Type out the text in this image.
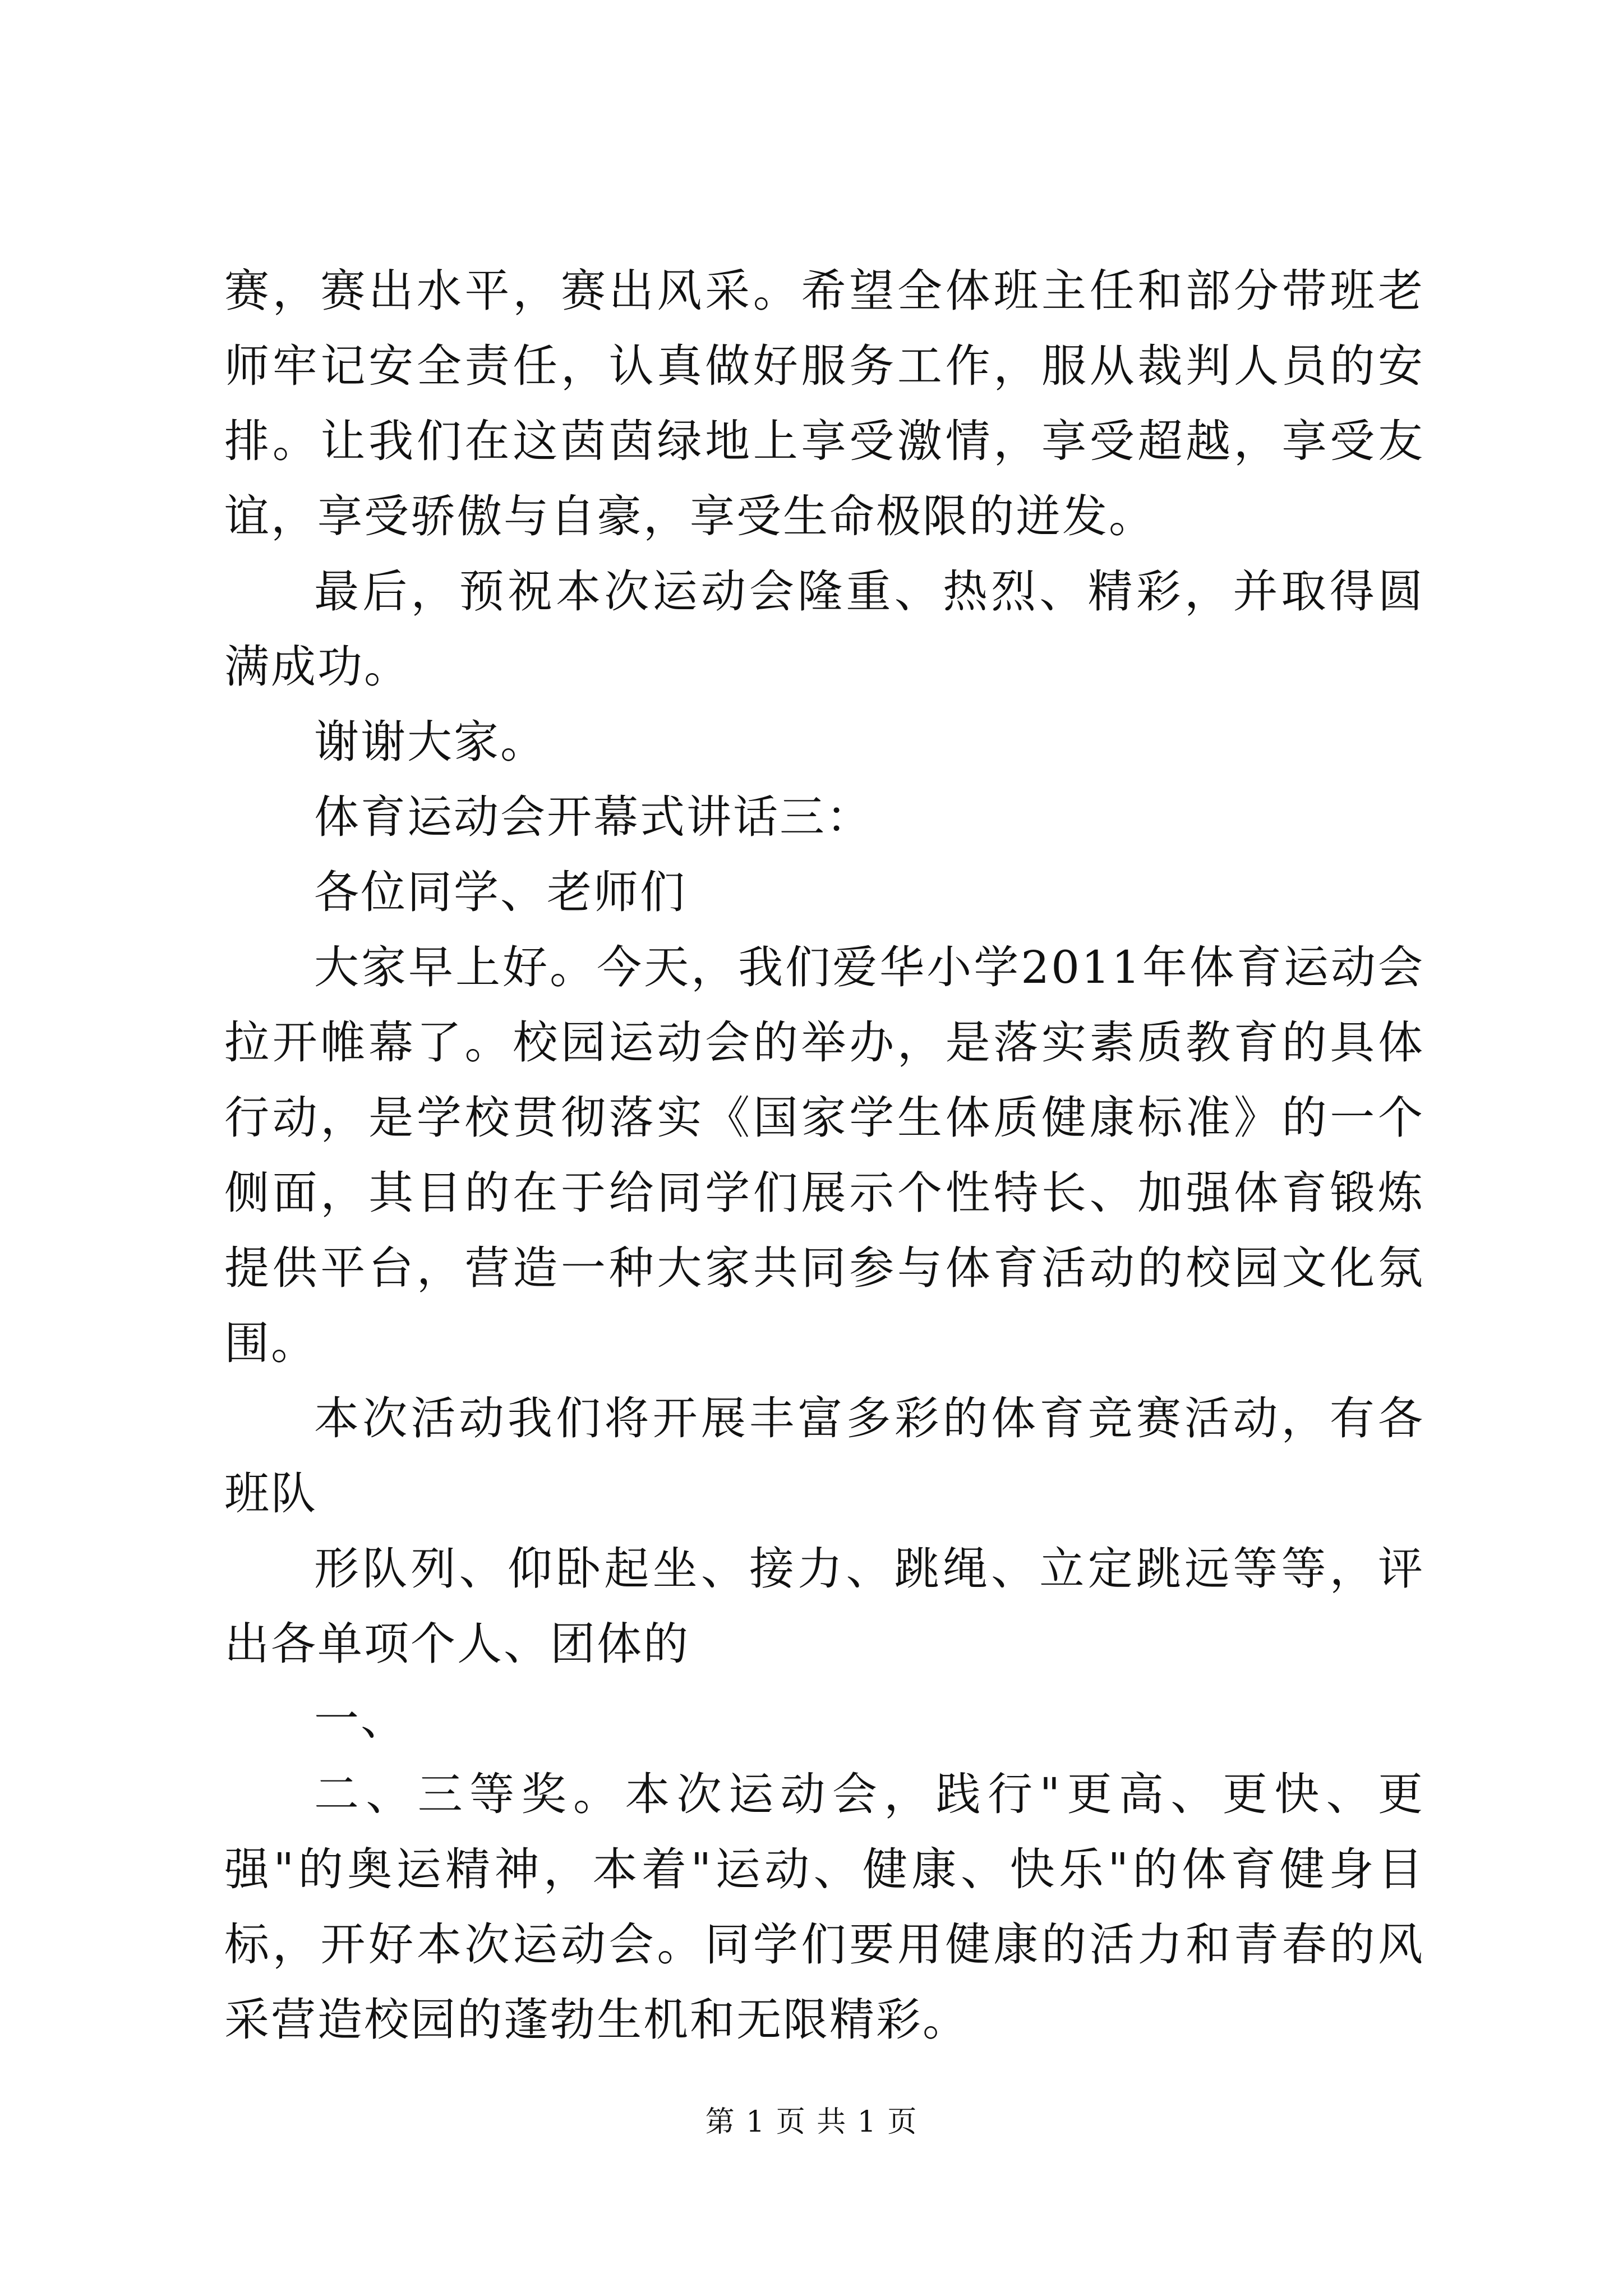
赛，赛出水平，赛出风采。希望全体班主任和部分带班老师牢记安全责任，认真做好服务工作，服从裁判人员的安排。让我们在这茵茵绿地上享受激情，享受超越，享受友谊，享受骄傲与自豪，享受生命极限的迸发。

最后，预祝本次运动会隆重、热烈、精彩，并取得圆满成功。

谢谢大家。

体育运动会开幕式讲话三：

各位同学、老师们

大家早上好。今天，我们爱华小学2011年体育运动会拉开帷幕了。校园运动会的举办，是落实素质教育的具体行动，是学校贯彻落实《国家学生体质健康标准》的一个侧面，其目的在于给同学们展示个性特长、加强体育锻炼提供平台，营造一种大家共同参与体育活动的校园文化氛围。

本次活动我们将开展丰富多彩的体育竞赛活动，有各班队

形队列、仰卧起坐、接力、跳绳、立定跳远等等，评出各单项个人、团体的

一、

二、三等奖。本次运动会，践行"更高、更快、更强"的奥运精神，本着"运动、健康、快乐"的体育健身目标，开好本次运动会。同学们要用健康的活力和青春的风采营造校园的蓬勃生机和无限精彩。

第 1 页 共 1 页
